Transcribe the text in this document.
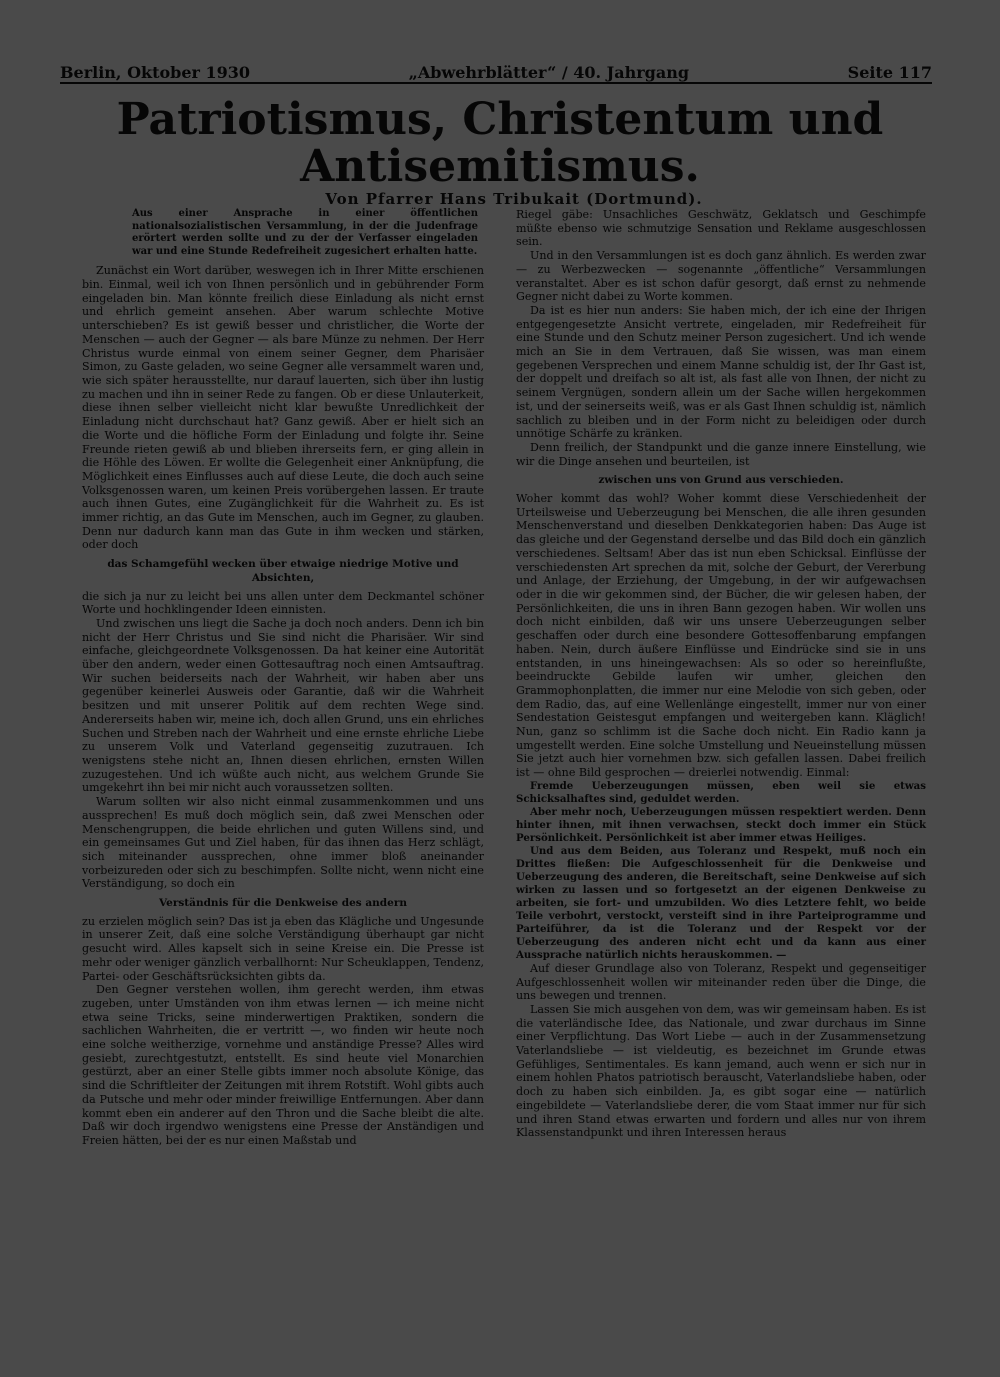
Berlin, Oktober 1930	„Abwehrblätter“ / 40. Jahrgang	Seite 117
Patriotismus, Christentum und Antisemitismus.
Von Pfarrer Hans Tribukait (Dortmund).

Aus einer Ansprache in einer öffentlichen nationalsozialistischen Versammlung, in der die Judenfrage erörtert werden sollte und zu der der Verfasser eingeladen war und eine Stunde Redefreiheit zugesichert erhalten hatte.

Zunächst ein Wort darüber, weswegen ich in Ihrer Mitte erschienen bin. Einmal, weil ich von Ihnen persönlich und in gebührender Form eingeladen bin. Man könnte freilich diese Einladung als nicht ernst und ehrlich gemeint ansehen. Aber warum schlechte Motive unterschieben? Es ist gewiß besser und christlicher, die Worte der Menschen — auch der Gegner — als bare Münze zu nehmen. Der Herr Christus wurde einmal von einem seiner Gegner, dem Pharisäer Simon, zu Gaste geladen, wo seine Gegner alle versammelt waren und, wie sich später herausstellte, nur darauf lauerten, sich über ihn lustig zu machen und ihn in seiner Rede zu fangen. Ob er diese Unlauterkeit, diese ihnen selber vielleicht nicht klar bewußte Unredlichkeit der Einladung nicht durchschaut hat? Ganz gewiß. Aber er hielt sich an die Worte und die höfliche Form der Einladung und folgte ihr. Seine Freunde rieten gewiß ab und blieben ihrerseits fern, er ging allein in die Höhle des Löwen. Er wollte die Gelegenheit einer Anknüpfung, die Möglichkeit eines Einflusses auch auf diese Leute, die doch auch seine Volksgenossen waren, um keinen Preis vorübergehen lassen. Er traute auch ihnen Gutes, eine Zugänglichkeit für die Wahrheit zu. Es ist immer richtig, an das Gute im Menschen, auch im Gegner, zu glauben. Denn nur dadurch kann man das Gute in ihm wecken und stärken, oder doch

das Schamgefühl wecken über etwaige niedrige Motive und Absichten,

die sich ja nur zu leicht bei uns allen unter dem Deckmantel schöner Worte und hochklingender Ideen einnisten.

Und zwischen uns liegt die Sache ja doch noch anders. Denn ich bin nicht der Herr Christus und Sie sind nicht die Pharisäer. Wir sind einfache, gleichgeordnete Volksgenossen. Da hat keiner eine Autorität über den andern, weder einen Gottesauftrag noch einen Amtsauftrag. Wir suchen beiderseits nach der Wahrheit, wir haben aber uns gegenüber keinerlei Ausweis oder Garantie, daß wir die Wahrheit besitzen und mit unserer Politik auf dem rechten Wege sind. Andererseits haben wir, meine ich, doch allen Grund, uns ein ehrliches Suchen und Streben nach der Wahrheit und eine ernste ehrliche Liebe zu unserem Volk und Vaterland gegenseitig zuzutrauen. Ich wenigstens stehe nicht an, Ihnen diesen ehrlichen, ernsten Willen zuzugestehen. Und ich wüßte auch nicht, aus welchem Grunde Sie umgekehrt ihn bei mir nicht auch voraussetzen sollten.

Warum sollten wir also nicht einmal zusammenkommen und uns aussprechen! Es muß doch möglich sein, daß zwei Menschen oder Menschengruppen, die beide ehrlichen und guten Willens sind, und ein gemeinsames Gut und Ziel haben, für das ihnen das Herz schlägt, sich miteinander aussprechen, ohne immer bloß aneinander vorbeizureden oder sich zu beschimpfen. Sollte nicht, wenn nicht eine Verständigung, so doch ein

Verständnis für die Denkweise des andern

zu erzielen möglich sein? Das ist ja eben das Klägliche und Ungesunde in unserer Zeit, daß eine solche Verständigung überhaupt gar nicht gesucht wird. Alles kapselt sich in seine Kreise ein. Die Presse ist mehr oder weniger gänzlich verballhornt: Nur Scheuklappen, Tendenz, Partei- oder Geschäftsrücksichten gibts da.

Den Gegner verstehen wollen, ihm gerecht werden, ihm etwas zugeben, unter Umständen von ihm etwas lernen — ich meine nicht etwa seine Tricks, seine minderwertigen Praktiken, sondern die sachlichen Wahrheiten, die er vertritt —, wo finden wir heute noch eine solche weitherzige, vornehme und anständige Presse? Alles wird gesiebt, zurechtgestutzt, entstellt. Es sind heute viel Monarchien gestürzt, aber an einer Stelle gibts immer noch absolute Könige, das sind die Schriftleiter der Zeitungen mit ihrem Rotstift. Wohl gibts auch da Putsche und mehr oder minder freiwillige Entfernungen. Aber dann kommt eben ein anderer auf den Thron und die Sache bleibt die alte. Daß wir doch irgendwo wenigstens eine Presse der Anständigen und Freien hätten, bei der es nur einen Maßstab und

Riegel gäbe: Unsachliches Geschwätz, Geklatsch und Geschimpfe müßte ebenso wie schmutzige Sensation und Reklame ausgeschlossen sein.

Und in den Versammlungen ist es doch ganz ähnlich. Es werden zwar — zu Werbezwecken — sogenannte „öffentliche“ Versammlungen veranstaltet. Aber es ist schon dafür gesorgt, daß ernst zu nehmende Gegner nicht dabei zu Worte kommen.

Da ist es hier nun anders: Sie haben mich, der ich eine der Ihrigen entgegengesetzte Ansicht vertrete, eingeladen, mir Redefreiheit für eine Stunde und den Schutz meiner Person zugesichert. Und ich wende mich an Sie in dem Vertrauen, daß Sie wissen, was man einem gegebenen Versprechen und einem Manne schuldig ist, der Ihr Gast ist, der doppelt und dreifach so alt ist, als fast alle von Ihnen, der nicht zu seinem Vergnügen, sondern allein um der Sache willen hergekommen ist, und der seinerseits weiß, was er als Gast Ihnen schuldig ist, nämlich sachlich zu bleiben und in der Form nicht zu beleidigen oder durch unnötige Schärfe zu kränken.

Denn freilich, der Standpunkt und die ganze innere Einstellung, wie wir die Dinge ansehen und beurteilen, ist

zwischen uns von Grund aus verschieden.

Woher kommt das wohl? Woher kommt diese Verschiedenheit der Urteilsweise und Ueberzeugung bei Menschen, die alle ihren gesunden Menschenverstand und dieselben Denkkategorien haben: Das Auge ist das gleiche und der Gegenstand derselbe und das Bild doch ein gänzlich verschiedenes. Seltsam! Aber das ist nun eben Schicksal. Einflüsse der verschiedensten Art sprechen da mit, solche der Geburt, der Vererbung und Anlage, der Erziehung, der Umgebung, in der wir aufgewachsen oder in die wir gekommen sind, der Bücher, die wir gelesen haben, der Persönlichkeiten, die uns in ihren Bann gezogen haben. Wir wollen uns doch nicht einbilden, daß wir uns unsere Ueberzeugungen selber geschaffen oder durch eine besondere Gottesoffenbarung empfangen haben. Nein, durch äußere Einflüsse und Eindrücke sind sie in uns entstanden, in uns hineingewachsen: Als so oder so hereinflußte, beeindruckte Gebilde laufen wir umher, gleichen den Grammophonplatten, die immer nur eine Melodie von sich geben, oder dem Radio, das, auf eine Wellenlänge eingestellt, immer nur von einer Sendestation Geistesgut empfangen und weitergeben kann. Kläglich! Nun, ganz so schlimm ist die Sache doch nicht. Ein Radio kann ja umgestellt werden. Eine solche Umstellung und Neueinstellung müssen Sie jetzt auch hier vornehmen bzw. sich gefallen lassen. Dabei freilich ist — ohne Bild gesprochen — dreierlei notwendig. Einmal:

Fremde Ueberzeugungen müssen, eben weil sie etwas Schicksalhaftes sind, geduldet werden.

Aber mehr noch, Ueberzeugungen müssen respektiert werden. Denn hinter ihnen, mit ihnen verwachsen, steckt doch immer ein Stück Persönlichkeit. Persönlichkeit ist aber immer etwas Heiliges.

Und aus dem Beiden, aus Toleranz und Respekt, muß noch ein Drittes fließen: Die Aufgeschlossenheit für die Denkweise und Ueberzeugung des anderen, die Bereitschaft, seine Denkweise auf sich wirken zu lassen und so fortgesetzt an der eigenen Denkweise zu arbeiten, sie fort- und umzubilden. Wo dies Letztere fehlt, wo beide Teile verbohrt, verstockt, versteift sind in ihre Parteiprogramme und Parteiführer, da ist die Toleranz und der Respekt vor der Ueberzeugung des anderen nicht echt und da kann aus einer Aussprache natürlich nichts herauskommen. —

Auf dieser Grundlage also von Toleranz, Respekt und gegenseitiger Aufgeschlossenheit wollen wir miteinander reden über die Dinge, die uns bewegen und trennen.

Lassen Sie mich ausgehen von dem, was wir gemeinsam haben. Es ist die vaterländische Idee, das Nationale, und zwar durchaus im Sinne einer Verpflichtung. Das Wort Liebe — auch in der Zusammensetzung Vaterlandsliebe — ist vieldeutig, es bezeichnet im Grunde etwas Gefühliges, Sentimentales. Es kann jemand, auch wenn er sich nur in einem hohlen Phatos patriotisch berauscht, Vaterlandsliebe haben, oder doch zu haben sich einbilden. Ja, es gibt sogar eine — natürlich eingebildete — Vaterlandsliebe derer, die vom Staat immer nur für sich und ihren Stand etwas erwarten und fordern und alles nur von ihrem Klassenstandpunkt und ihren Interessen heraus
